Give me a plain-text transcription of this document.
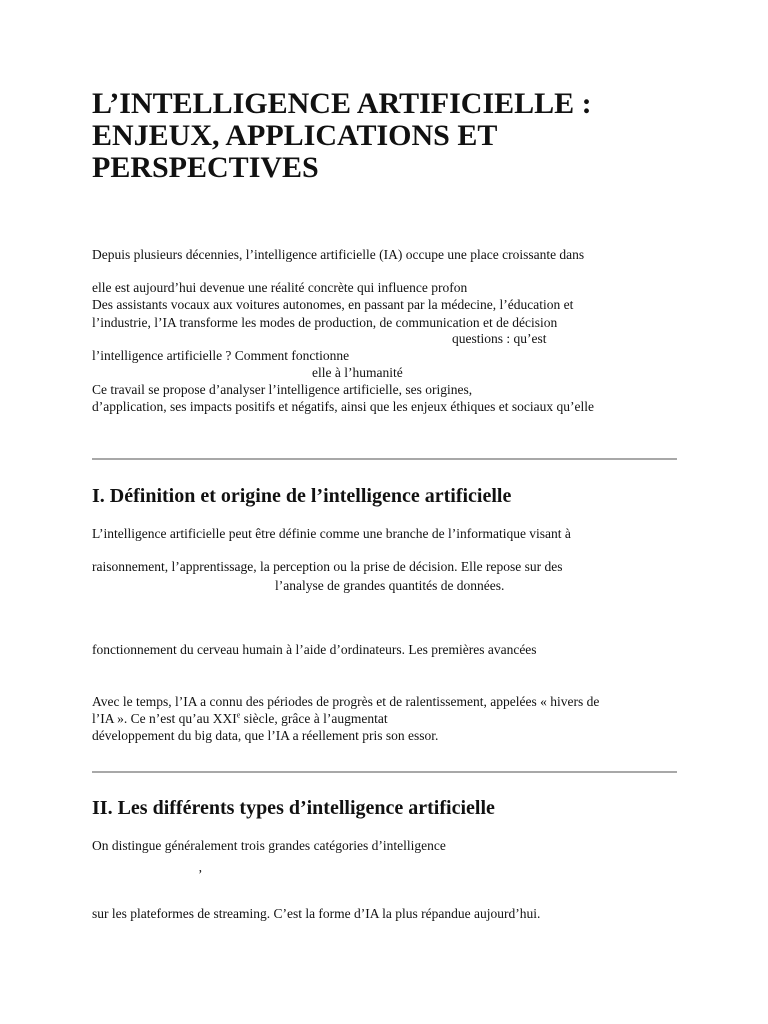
L’INTELLIGENCE ARTIFICIELLE :
ENJEUX, APPLICATIONS ET
PERSPECTIVES

Depuis plusieurs décennies, l’intelligence artificielle (IA) occupe une place croissante dans

elle est aujourd’hui devenue une réalité concrète qui influence profon

Des assistants vocaux aux voitures autonomes, en passant par la médecine, l’éducation et

l’industrie, l’IA transforme les modes de production, de communication et de décision

questions : qu’est

l’intelligence artificielle ? Comment fonctionne

elle à l’humanité

Ce travail se propose d’analyser l’intelligence artificielle, ses origines,

d’application, ses impacts positifs et négatifs, ainsi que les enjeux éthiques et sociaux qu’elle

I. Définition et origine de l’intelligence artificielle

L’intelligence artificielle peut être définie comme une branche de l’informatique visant à

raisonnement, l’apprentissage, la perception ou la prise de décision. Elle repose sur des

l’analyse de grandes quantités de données.

fonctionnement du cerveau humain à l’aide d’ordinateurs. Les premières avancées

Avec le temps, l’IA a connu des périodes de progrès et de ralentissement, appelées « hivers de

l’IA ». Ce n’est qu’au XXIe siècle, grâce à l’augmentat

développement du big data, que l’IA a réellement pris son essor.

II. Les différents types d’intelligence artificielle

On distingue généralement trois grandes catégories d’intelligence

’

sur les plateformes de streaming. C’est la forme d’IA la plus répandue aujourd’hui.
